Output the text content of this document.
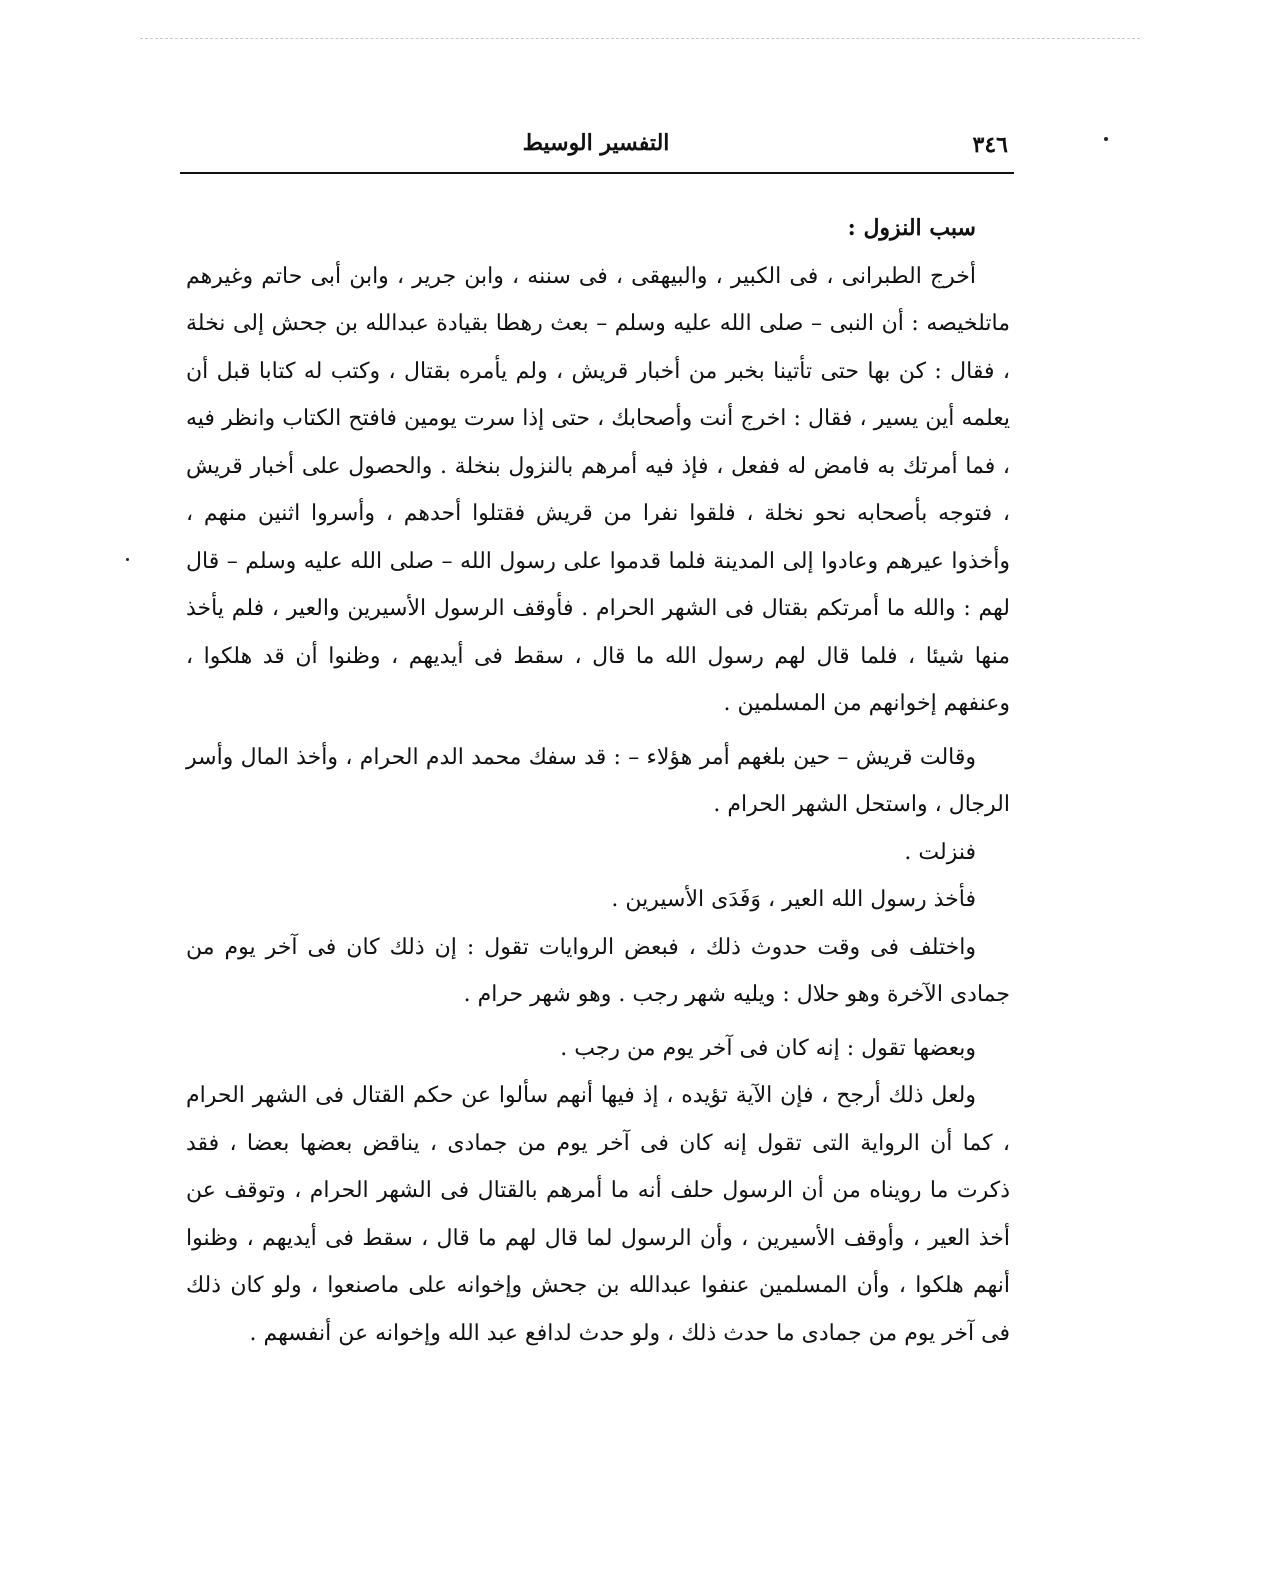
٣٤٦
التفسير الوسيط

سبب النزول :

أخرج الطبرانى ، فى الكبير ، والبيهقى ، فى سننه ، وابن جرير ، وابن أبى حاتم وغيرهم ماتلخيصه : أن النبى – صلى الله عليه وسلم – بعث رهطا بقيادة عبدالله بن جحش إلى نخلة ، فقال : كن بها حتى تأتينا بخبر من أخبار قريش ، ولم يأمره بقتال ، وكتب له كتابا قبل أن يعلمه أين يسير ، فقال : اخرج أنت وأصحابك ، حتى إذا سرت يومين فافتح الكتاب وانظر فيه ، فما أمرتك به فامض له ففعل ، فإذ فيه أمرهم بالنزول بنخلة . والحصول على أخبار قريش ، فتوجه بأصحابه نحو نخلة ، فلقوا نفرا من قريش فقتلوا أحدهم ، وأسروا اثنين منهم ، وأخذوا عيرهم وعادوا إلى المدينة فلما قدموا على رسول الله – صلى الله عليه وسلم – قال لهم : والله ما أمرتكم بقتال فى الشهر الحرام . فأوقف الرسول الأسيرين والعير ، فلم يأخذ منها شيئا ، فلما قال لهم رسول الله ما قال ، سقط فى أيديهم ، وظنوا أن قد هلكوا ، وعنفهم إخوانهم من المسلمين .

وقالت قريش – حين بلغهم أمر هؤلاء – : قد سفك محمد الدم الحرام ، وأخذ المال وأسر الرجال ، واستحل الشهر الحرام .

فنزلت .

فأخذ رسول الله العير ، وَفَدَى الأسيرين .

واختلف فى وقت حدوث ذلك ، فبعض الروايات تقول : إن ذلك كان فى آخر يوم من جمادى الآخرة وهو حلال : ويليه شهر رجب . وهو شهر حرام .

وبعضها تقول : إنه كان فى آخر يوم من رجب .

ولعل ذلك أرجح ، فإن الآية تؤيده ، إذ فيها أنهم سألوا عن حكم القتال فى الشهر الحرام ، كما أن الرواية التى تقول إنه كان فى آخر يوم من جمادى ، يناقض بعضها بعضا ، فقد ذكرت ما رويناه من أن الرسول حلف أنه ما أمرهم بالقتال فى الشهر الحرام ، وتوقف عن أخذ العير ، وأوقف الأسيرين ، وأن الرسول لما قال لهم ما قال ، سقط فى أيديهم ، وظنوا أنهم هلكوا ، وأن المسلمين عنفوا عبدالله بن جحش وإخوانه على ماصنعوا ، ولو كان ذلك فى آخر يوم من جمادى ما حدث ذلك ، ولو حدث لدافع عبد الله وإخوانه عن أنفسهم .
